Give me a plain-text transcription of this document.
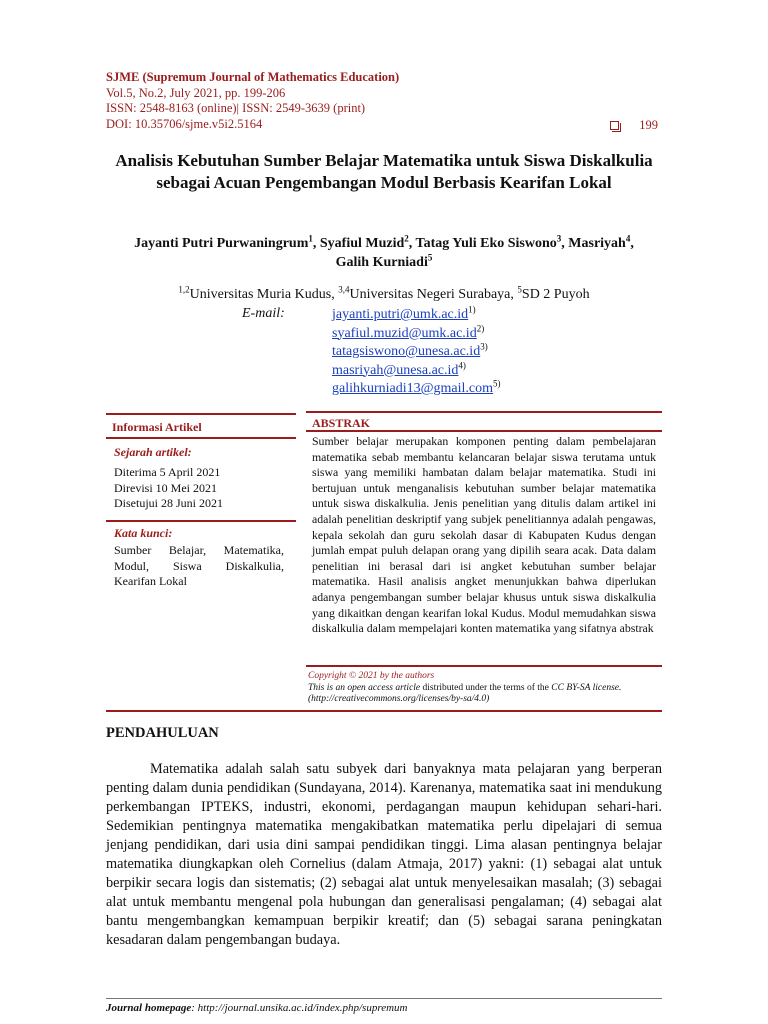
SJME (Supremum Journal of Mathematics Education)
Vol.5, No.2, July 2021, pp. 199-206
ISSN: 2548-8163 (online)| ISSN: 2549-3639 (print)
DOI: 10.35706/sjme.v5i2.5164	199
Analisis Kebutuhan Sumber Belajar Matematika untuk Siswa Diskalkulia sebagai Acuan Pengembangan Modul Berbasis Kearifan Lokal
Jayanti Putri Purwaningrum$^1$, Syafiul Muzid$^2$, Tatag Yuli Eko Siswono$^3$, Masriyah$^4$,
Galih Kurniadi$^5$
$^{1,2}$Universitas Muria Kudus, $^{3,4}$Universitas Negeri Surabaya, $^5$SD 2 Puyoh
E-mail:	$jayanti.putri@umk.ac.id^{1)}$
$syafiul.muzid@umk.ac.id^{2)}$
$tatagsiswono@unesa.ac.id^{3)}$
$masriyah@unesa.ac.id^{4)}$
galihkurniadi13@gmail.com$^{5)}$
Informasi Artikel	ABSTRAK
Sejarah artikel:
Diterima 5 April 2021
Direvisi 10 Mei 2021
Disetujui 28 Juni 2021
Kata kunci:
Sumber Belajar, Matematika, Modul, Siswa Diskalkulia, Kearifan Lokal
Sumber belajar merupakan komponen penting dalam pembelajaran matematika sebab membantu kelancaran belajar siswa terutama untuk siswa yang memiliki hambatan dalam belajar matematika. Studi ini bertujuan untuk menganalisis kebutuhan sumber belajar matematika untuk siswa diskalkulia. Jenis penelitian yang ditulis dalam artikel ini adalah penelitian deskriptif yang subjek penelitiannya adalah pengawas, kepala sekolah dan guru sekolah dasar di Kabupaten Kudus dengan jumlah empat puluh delapan orang yang dipilih seara acak. Data dalam penelitian ini berasal dari isi angket kebutuhan sumber belajar matematika. Hasil analisis angket menunjukkan bahwa diperlukan adanya pengembangan sumber belajar khusus untuk siswa diskalkulia yang dikaitkan dengan kearifan lokal Kudus. Modul memudahkan siswa diskalkulia dalam mempelajari konten matematika yang sifatnya abstrak
Copyright © 2021 by the authors
This is an open access article distributed under the terms of the CC BY-SA license.
(http://creativecommons.org/licenses/by-sa/4.0)
PENDAHULUAN
Matematika adalah salah satu subyek dari banyaknya mata pelajaran yang berperan penting dalam dunia pendidikan (Sundayana, 2014). Karenanya, matematika saat ini mendukung perkembangan IPTEKS, industri, ekonomi, perdagangan maupun kehidupan sehari-hari. Sedemikian pentingnya matematika mengakibatkan matematika perlu dipelajari di semua jenjang pendidikan, dari usia dini sampai pendidikan tinggi. Lima alasan pentingnya belajar matematika diungkapkan oleh Cornelius (dalam Atmaja, 2017) yakni: (1) sebagai alat untuk berpikir secara logis dan sistematis; (2) sebagai alat untuk menyelesaikan masalah; (3) sebagai alat untuk membantu mengenal pola hubungan dan generalisasi pengalaman; (4) sebagai alat bantu mengembangkan kemampuan berpikir kreatif; dan (5) sebagai sarana peningkatan kesadaran dalam pengembangan budaya.
Journal homepage: http://journal.unsika.ac.id/index.php/supremum
